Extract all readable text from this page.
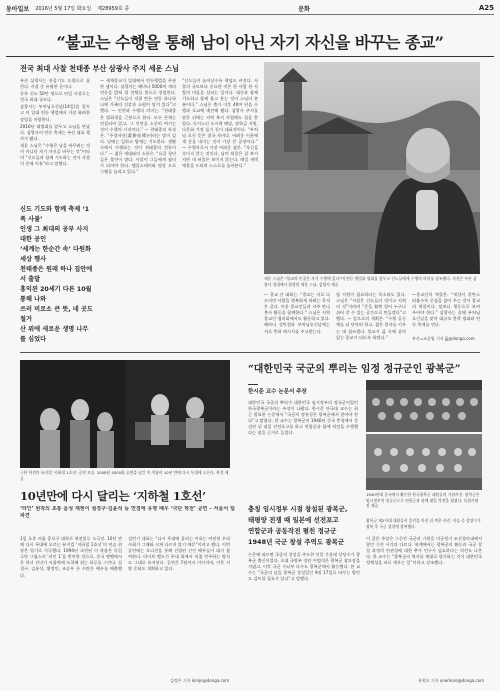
동아일보 2016년 5월 17일 화요일 제28959호 종	문화	A25
“불교는 수행을 통해 남이 아닌 자기 자신을 바꾸는 종교”
전국 최대 사찰 천태종 부산 삼광사 주지 세운 스님

부산 삼광사는 관음기도 도량으로 꼽힌다. 사찰 중 유명한 곳이다.

등록 신도 50만 명으로 단일 사찰로는 전국 최대 규모다.

삼광사는 부처님오신날(14일)을 앞두고 이 일대 연등 행렬에서 가장 화려한 장엄을 자랑한다.

2016년 대법회를 앞두고 스님을 만났다. 삼광사의 연등 축제는 부산 대표 행사가 됐다.

세운 스님은 “수행은 남을 바꾸려는 것이 아니라 자기 자신을 바꾸는 것”이라며 “신도들과 함께 기도하는 것이 사찰의 존재 이유”라고 말했다.

신도 기도와 함께 축제 ‘1폭 사불’
인생 그 최대의 공부 사지 대한 공인
‘세계는 한순간 속’ 다원화 세상 행사
천태종은 원래 하나 집안에서 출발
홍익된 20세기 다른 10월 통해 나와
쓰러 비로소 큰 뜻, 네 곳도 철거
산 위에 새로운 생명 나무를 심었다
— 세계종교가 일대에서 연등행렬을 주관한 셈이다. 삼광사는 해마다 5000여 개의 연등을 밝혀 절 전체를 빛으로 장엄한다. 스님은 “신도들이 직접 만든 연등 하나하나에 가족의 건강과 소원이 담겨 있다”고 했다. — 인연과 수행의 의미는. “천태종은 법화경을 근본으로 한다. 모든 존재는 연결되어 있고, 그 인연을 소중히 여기는 것이 수행의 시작이다.” — 천태종의 특징은. “주경야선(晝耕夜禪)이라는 말이 있다. 낮에는 일하고 밤에는 기도한다. 생활 속에서 수행하는 것이 천태종의 전통이다.” — 젊은 세대와의 소통은. “요즘 청년들은 불안이 많다. 사찰이 그들에게 쉼터가 되어야 한다. 템플스테이와 명상 프로그램을 늘리고 있다.”
“신도들이 늘어날수록 책임도 커진다. 사찰의 규모보다 중요한 것은 한 사람 한 사람의 마음을 살피는 일이다. 대중과 함께 기도하고 함께 울고 웃는 것이 스님의 본분이다.” 스님은 출가 이후 40여 년을 수행과 포교에 매진해 왔다. 삼광사 주지를 맡은 뒤에는 지역 복지 사업에도 힘을 쏟았다. 독거노인 도시락 배달, 장학금 지원, 다문화 가정 돕기 등이 대표적이다. “부처님 오신 뜻은 결국 자비다. 어려운 이웃에게 손을 내미는 것이 가장 큰 공양이다.” — 수행자로서 가장 어려운 점은. “자신을 속이지 않는 것이다. 남의 허물은 잘 보이지만 내 허물은 보이지 않는다. 매일 새벽 예불을 드리며 스스로를 돌아본다.”
세운 스님은 “불교의 본질은 자기 수행에 있다”며 연등 행렬과 법회를 앞두고 신도들에게 수행의 의미를 강조했다. 사진은 부산 삼광사 경내에서 합장한 세운 스님. 삼광사 제공
— 종교 간 대화는. “종교는 서로 다르지만 사람을 행복하게 하려는 목적은 같다. 이웃 종교인들과 자주 만나 봉사 활동을 함께한다.” 스님은 지역 종교인 협의회에서도 활동하고 있다. 해마다 성탄절과 부처님오신날에는 서로 축하 메시지를 주고받는다.
합 지원이 필요하다는 목소리도 있다. 스님은 “사찰은 신도들의 것이고 지역의 것”이라며 “문을 활짝 열어 누구나 쉬어 갈 수 있는 공간으로 만들겠다”고 했다. — 앞으로의 계획은. “수행 공동체를 더 단단히 하고, 젊은 불자를 키우는 데 힘쓰겠다. 불교가 삶 속에 살아 있는 종교가 되도록 하겠다.”
—종교인의 역할은. “세상이 혼란스러울수록 중심을 잡아 주는 것이 종교의 역할이다. 말보다 행동으로 보여 주어야 한다.” 삼광사는 올해 부처님오신날을 맞아 대규모 봉축 법회와 연등 축제를 연다.
부산=조종엽 기자 jjj@donga.com
극단 학전의 뮤지컬 ‘지하철 1호선’ 공연 모습. 2008년 4000회 공연을 넘긴 이 작품이 10년 만에 다시 무대에 오른다. 학전 제공
10년만에 다시 달리는 ‘지하철 1호선’
‘라인’ 원작의 초통 음성 재현이 설경구·김윤석 등 연결에 유명 배우 ‘극단 학전’ 공연 – 서울서 팀 파견
1일 오후 서울 종로구 대학로 학전블루 소극장. 10년 만에 다시 무대에 오르는 뮤지컬 ‘지하철 1호선’의 연습 현장은 열기로 가득했다. 1994년 초연된 이 작품은 독일 극단 그립스의 ‘라인 1’을 번안한 것으로, 중국 옌볜에서 온 처녀 선녀가 서울역에 도착해 겪는 하루를 그린다. 설경구, 김윤석, 황정민, 조승우 등 수많은 배우를 배출했다.
김민기 대표는 “다시 무대에 올리는 이유는 여전히 우리 사회가 그때와 크게 다르지 않기 때문”이라고 했다. 이번 공연에는 오디션을 통해 선발된 신인 배우들이 대거 참여한다. 라이브 밴드가 무대 위에서 직접 연주하는 방식도 그대로 유지된다. 공연은 7월까지 이어지며, 이후 지방 순회도 계획하고 있다.
김정은 기자 kimje@donga.com
“대한민국 국군의 뿌리는 임정 정규군인 광복군”
한시준 교수 논문서 주장
대한민국 국군의 뿌리가 대한민국 임시정부의 정규군이었던 한국광복군이라는 주장이 나왔다. 한시준 단국대 교수는 최근 발표한 논문에서 “국군의 정통성은 광복군에서 찾아야 한다”고 밝혔다. 한 교수는 광복군이 1940년 중국 충칭에서 창설된 뒤 대일 선전포고를 하고 연합군과 함께 작전을 수행했다는 점을 근거로 들었다.
1940년대 중국에서 활동한 한국광복군 대원들의 기념사진. 광복군은 임시정부의 정규군으로 연합군과 함께 대일 작전을 펼쳤다. 독립기념관 제공
광복군 제2지대 대원들이 훈련을 마친 뒤 찍은 사진. 이들 중 상당수가 광복 후 국군 창설에 참여했다.
충칭 임시정부 시절 창설된 광복군,
태평양 전쟁 때 일본에 선전포고
연합군과 공동작전 펼친 정규군
1948년 국군 창설 주역도 광복군
논문에 따르면 국군의 창설을 주도한 인물 가운데 상당수가 광복군 출신이었다. 초대 국방부 장관 이범석은 광복군 참모장을 지냈고, 이후 국군 수뇌부 다수도 광복군에서 활동했다. 한 교수는 “국군의 날을 광복군 창설일인 9월 17일로 바꾸는 방안도 검토할 필요가 있다”고 말했다.
이 같은 주장은 그동안 국군의 기원을 미군정기 조선경비대에서 찾던 기존 시각과 다르다. 학계에서는 광복군의 활동과 국군 창설 과정의 연관성에 대한 추가 연구가 필요하다는 의견도 나온다. 한 교수는 “광복군의 역사를 제대로 평가하는 것이 대한민국 정체성을 바로 세우는 일”이라고 강조했다.
유원모 기자 onemore@donga.com
